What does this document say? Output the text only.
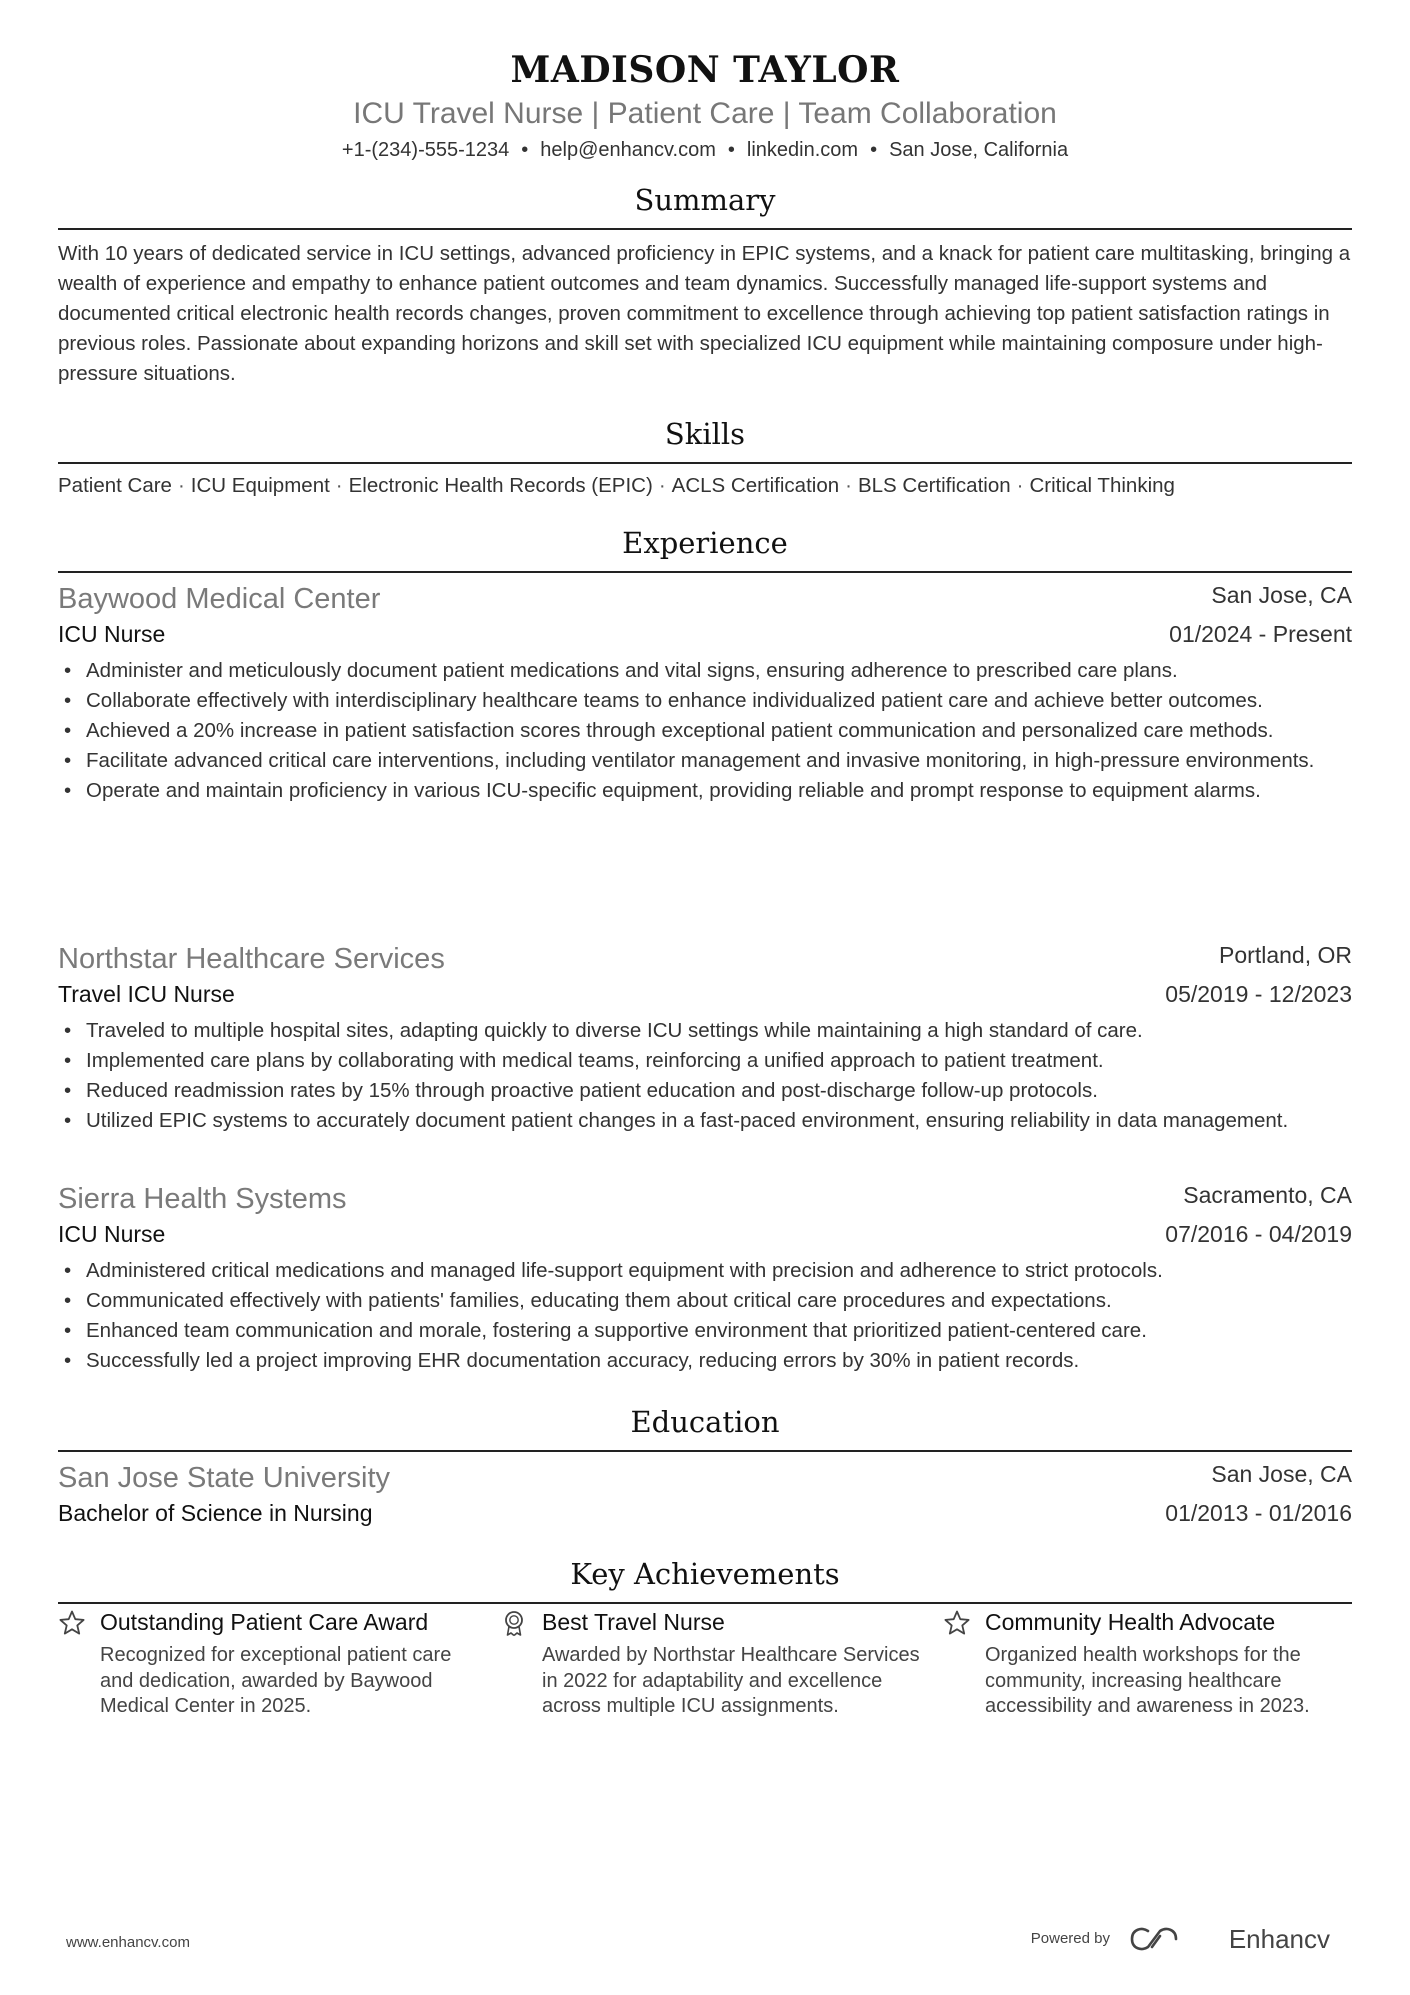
MADISON TAYLOR
ICU Travel Nurse | Patient Care | Team Collaboration
+1-(234)-555-1234 • help@enhancv.com • linkedin.com • San Jose, California
Summary
With 10 years of dedicated service in ICU settings, advanced proficiency in EPIC systems, and a knack for patient care multitasking, bringing a wealth of experience and empathy to enhance patient outcomes and team dynamics. Successfully managed life-support systems and documented critical electronic health records changes, proven commitment to excellence through achieving top patient satisfaction ratings in previous roles. Passionate about expanding horizons and skill set with specialized ICU equipment while maintaining composure under high-pressure situations.
Skills
Patient Care · ICU Equipment · Electronic Health Records (EPIC) · ACLS Certification · BLS Certification · Critical Thinking
Experience
Baywood Medical Center	San Jose, CA
ICU Nurse	01/2024 - Present
• Administer and meticulously document patient medications and vital signs, ensuring adherence to prescribed care plans.
• Collaborate effectively with interdisciplinary healthcare teams to enhance individualized patient care and achieve better outcomes.
• Achieved a 20% increase in patient satisfaction scores through exceptional patient communication and personalized care methods.
• Facilitate advanced critical care interventions, including ventilator management and invasive monitoring, in high-pressure environments.
• Operate and maintain proficiency in various ICU-specific equipment, providing reliable and prompt response to equipment alarms.
Northstar Healthcare Services	Portland, OR
Travel ICU Nurse	05/2019 - 12/2023
• Traveled to multiple hospital sites, adapting quickly to diverse ICU settings while maintaining a high standard of care.
• Implemented care plans by collaborating with medical teams, reinforcing a unified approach to patient treatment.
• Reduced readmission rates by 15% through proactive patient education and post-discharge follow-up protocols.
• Utilized EPIC systems to accurately document patient changes in a fast-paced environment, ensuring reliability in data management.
Sierra Health Systems	Sacramento, CA
ICU Nurse	07/2016 - 04/2019
• Administered critical medications and managed life-support equipment with precision and adherence to strict protocols.
• Communicated effectively with patients' families, educating them about critical care procedures and expectations.
• Enhanced team communication and morale, fostering a supportive environment that prioritized patient-centered care.
• Successfully led a project improving EHR documentation accuracy, reducing errors by 30% in patient records.
Education
San Jose State University	San Jose, CA
Bachelor of Science in Nursing	01/2013 - 01/2016
Key Achievements
Outstanding Patient Care Award
Recognized for exceptional patient care and dedication, awarded by Baywood Medical Center in 2025.
Best Travel Nurse
Awarded by Northstar Healthcare Services in 2022 for adaptability and excellence across multiple ICU assignments.
Community Health Advocate
Organized health workshops for the community, increasing healthcare accessibility and awareness in 2023.
www.enhancv.com	Powered by	Enhancv
